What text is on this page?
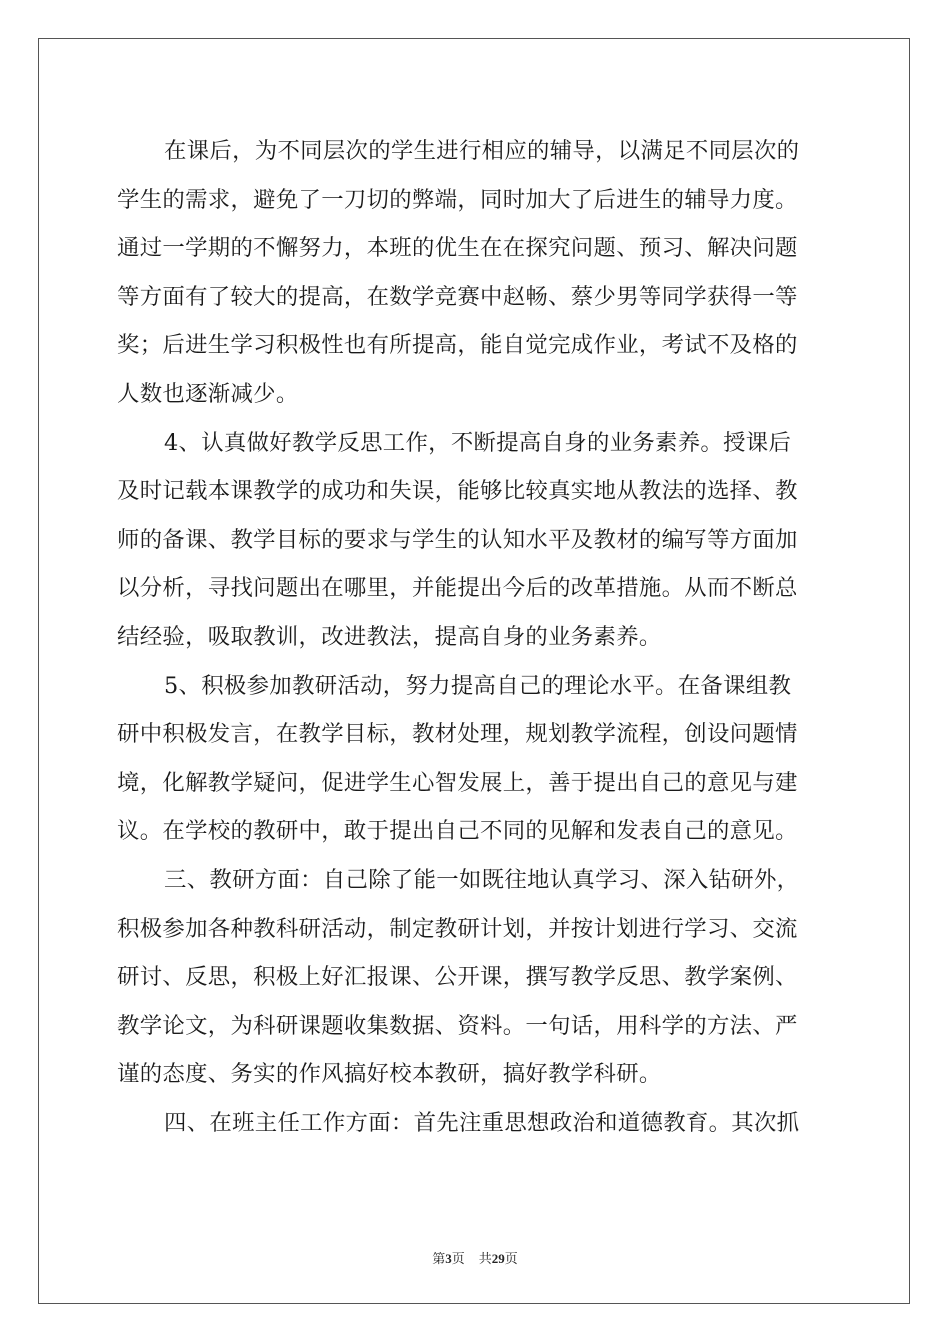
在课后，为不同层次的学生进行相应的辅导，以满足不同层次的
学生的需求，避免了一刀切的弊端，同时加大了后进生的辅导力度。
通过一学期的不懈努力，本班的优生在在探究问题、预习、解决问题
等方面有了较大的提高，在数学竞赛中赵畅、蔡少男等同学获得一等
奖；后进生学习积极性也有所提高，能自觉完成作业，考试不及格的
人数也逐渐减少。
4、认真做好教学反思工作，不断提高自身的业务素养。授课后
及时记载本课教学的成功和失误，能够比较真实地从教法的选择、教
师的备课、教学目标的要求与学生的认知水平及教材的编写等方面加
以分析，寻找问题出在哪里，并能提出今后的改革措施。从而不断总
结经验，吸取教训，改进教法，提高自身的业务素养。
5、积极参加教研活动，努力提高自己的理论水平。在备课组教
研中积极发言，在教学目标，教材处理，规划教学流程，创设问题情
境，化解教学疑问，促进学生心智发展上，善于提出自己的意见与建
议。在学校的教研中，敢于提出自己不同的见解和发表自己的意见。
三、教研方面：自己除了能一如既往地认真学习、深入钻研外，
积极参加各种教科研活动，制定教研计划，并按计划进行学习、交流
研讨、反思，积极上好汇报课、公开课，撰写教学反思、教学案例、
教学论文，为科研课题收集数据、资料。一句话，用科学的方法、严
谨的态度、务实的作风搞好校本教研，搞好教学科研。
四、在班主任工作方面：首先注重思想政治和道德教育。其次抓
第3页 共29页
